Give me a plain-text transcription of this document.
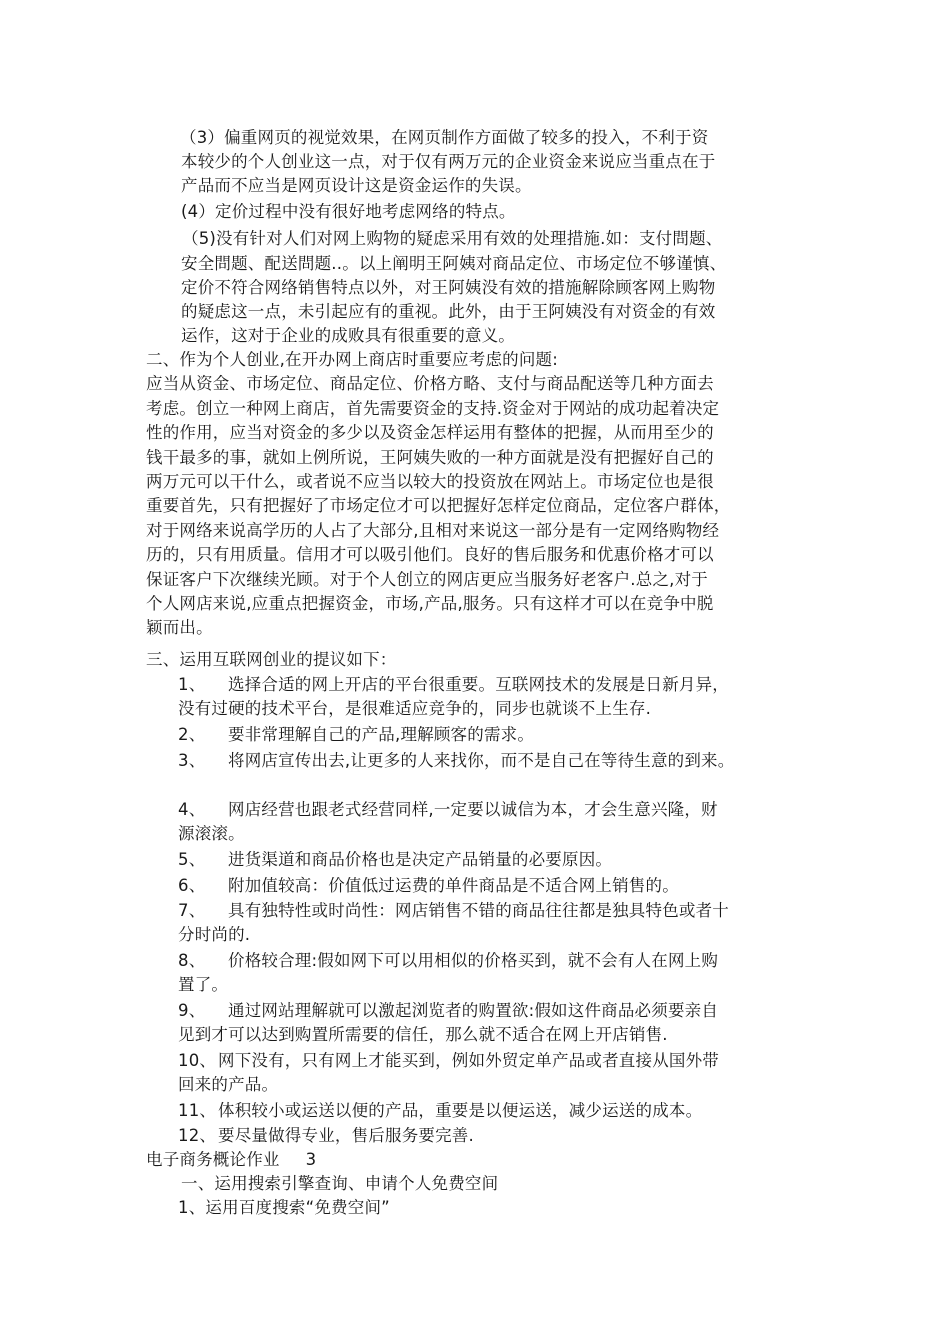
（3）偏重网页的视觉效果，在网页制作方面做了较多的投入，不利于资
本较少的个人创业这一点，对于仅有两万元的企业资金来说应当重点在于
产品而不应当是网页设计这是资金运作的失误。
(4）定价过程中没有很好地考虑网络的特点。
（5)没有针对人们对网上购物的疑虑采用有效的处理措施.如：支付問题、
安全問题、配送問题..。以上阐明王阿姨对商品定位、市场定位不够谨慎、
定价不符合网络销售特点以外，对王阿姨没有效的措施解除顾客网上购物
的疑虑这一点，未引起应有的重视。此外，由于王阿姨没有对资金的有效
运作，这对于企业的成败具有很重要的意义。
二、作为个人创业,在开办网上商店时重要应考虑的问题:
应当从资金、市场定位、商品定位、价格方略、支付与商品配送等几种方面去
考虑。创立一种网上商店，首先需要资金的支持.资金对于网站的成功起着决定
性的作用，应当对资金的多少以及资金怎样运用有整体的把握，从而用至少的
钱干最多的事，就如上例所说，王阿姨失败的一种方面就是没有把握好自己的
两万元可以干什么，或者说不应当以较大的投资放在网站上。市场定位也是很
重要首先，只有把握好了市场定位才可以把握好怎样定位商品，定位客户群体，
对于网络来说高学历的人占了大部分,且相对来说这一部分是有一定网络购物经
历的，只有用质量。信用才可以吸引他们。良好的售后服务和优惠价格才可以
保证客户下次继续光顾。对于个人创立的网店更应当服务好老客户.总之,对于
个人网店来说,应重点把握资金，市场,产品,服务。只有这样才可以在竞争中脱
颖而出。
三、运用互联网创业的提议如下：
1、 选择合适的网上开店的平台很重要。互联网技术的发展是日新月异，
没有过硬的技术平台，是很难适应竞争的，同步也就谈不上生存.
2、 要非常理解自己的产品,理解顾客的需求。
3、 将网店宣传出去,让更多的人来找你，而不是自己在等待生意的到来。
4、 网店经营也跟老式经营同样,一定要以诚信为本，才会生意兴隆，财
源滚滚。
5、 进货渠道和商品价格也是决定产品销量的必要原因。
6、 附加值较高：价值低过运费的单件商品是不适合网上销售的。
7、 具有独特性或时尚性：网店销售不错的商品往往都是独具特色或者十
分时尚的.
8、 价格较合理:假如网下可以用相似的价格买到，就不会有人在网上购
置了。
9、 通过网站理解就可以激起浏览者的购置欲:假如这件商品必须要亲自
见到才可以达到购置所需要的信任，那么就不适合在网上开店销售.
10、 网下没有，只有网上才能买到，例如外贸定单产品或者直接从国外带
回来的产品。
11、 体积较小或运送以便的产品，重要是以便运送，减少运送的成本。
12、 要尽量做得专业，售后服务要完善.
电子商务概论作业 3
一、运用搜索引擎查询、申请个人免费空间
1、运用百度搜索“免费空间”
